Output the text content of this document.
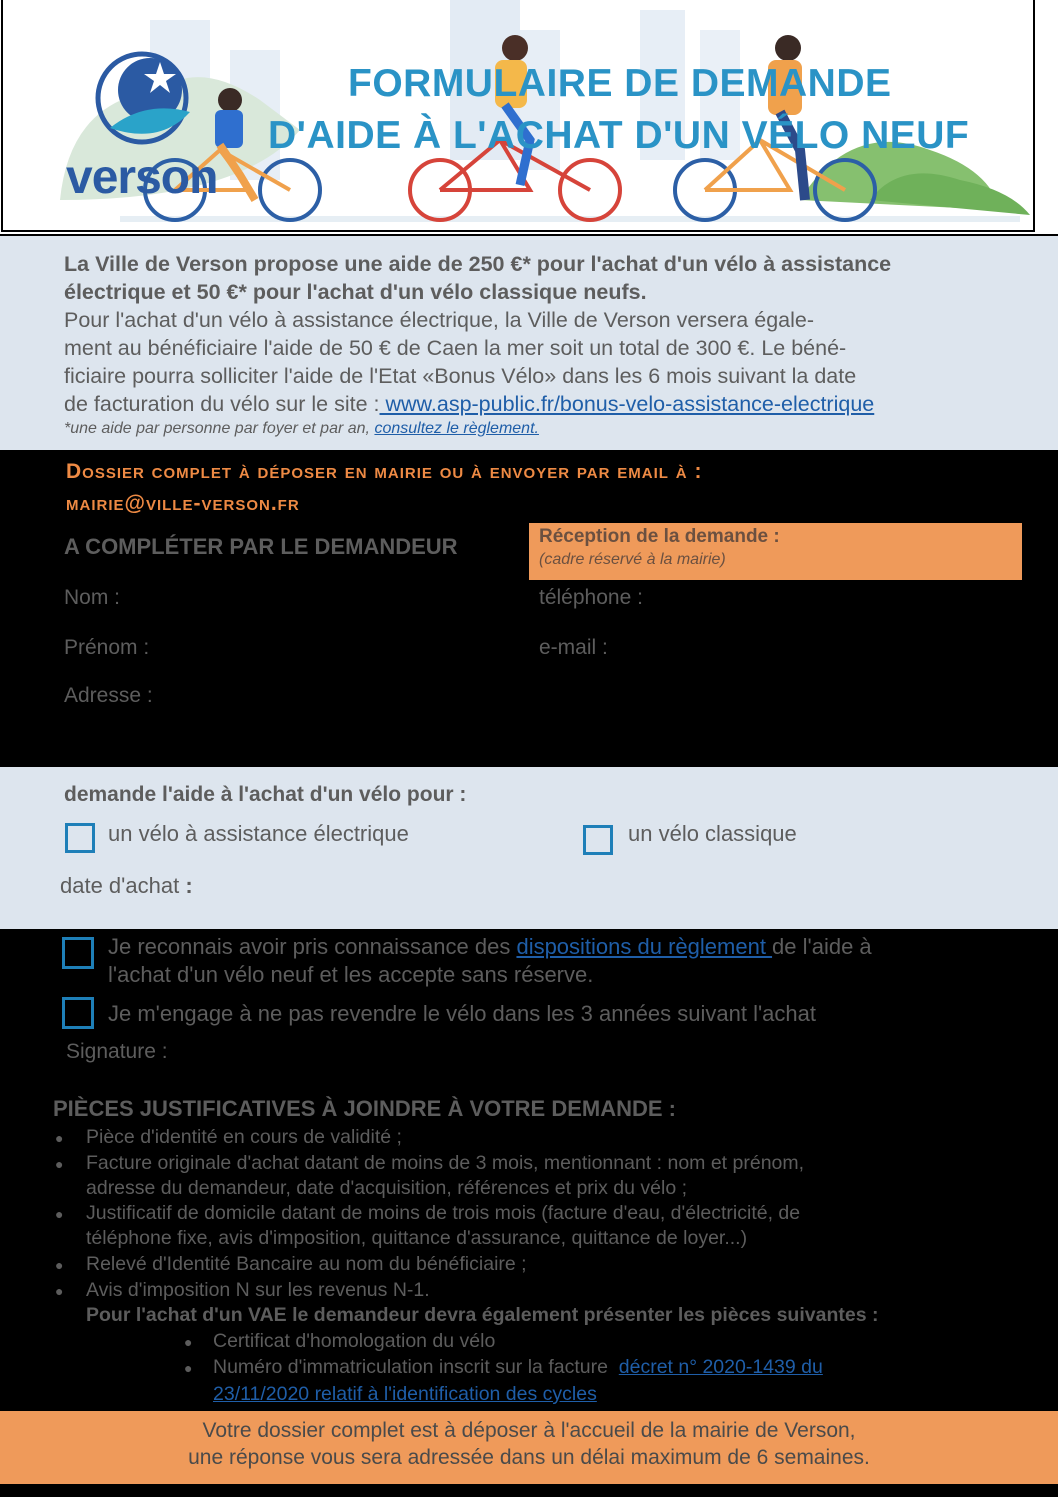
verson
FORMULAIRE DE DEMANDE
D'AIDE À L'ACHAT D'UN VÉLO NEUF

La Ville de Verson propose une aide de 250 €* pour l'achat d'un vélo à assistance

électrique et 50 €* pour l'achat d'un vélo classique neufs.

Pour l'achat d'un vélo à assistance électrique, la Ville de Verson versera égale-

ment au bénéficiaire l'aide de 50 € de Caen la mer soit un total de 300 €. Le béné-

ficiaire pourra solliciter l'aide de l'Etat «Bonus Vélo» dans les 6 mois suivant la date

de facturation du vélo sur le site : www.asp-public.fr/bonus-velo-assistance-electrique

*une aide par personne par foyer et par an, consultez le règlement.

Dossier complet à déposer en mairie ou à envoyer par email à :
mairie@ville-verson.fr
A COMPLÉTER PAR LE DEMANDEUR	Réception de la demande :
(cadre réservé à la mairie)
Nom :
Prénom :
Adresse :
téléphone :
e-mail :
demande l'aide à l'achat d'un vélo pour :
un vélo à assistance électrique	un vélo classique
date d'achat :
Je reconnais avoir pris connaissance des dispositions du règlement de l'aide à
l'achat d'un vélo neuf et les accepte sans réserve.
Je m'engage à ne pas revendre le vélo dans les 3 années suivant l'achat
Signature :
PIÈCES JUSTIFICATIVES À JOINDRE À VOTRE DEMANDE :
● Pièce d'identité en cours de validité ;
● Facture originale d'achat datant de moins de 3 mois, mentionnant : nom et prénom,
adresse du demandeur, date d'acquisition, références et prix du vélo ;
● Justificatif de domicile datant de moins de trois mois (facture d'eau, d'électricité, de
téléphone fixe, avis d'imposition, quittance d'assurance, quittance de loyer...)
● Relevé d'Identité Bancaire au nom du bénéficiaire ;
● Avis d'imposition N sur les revenus N-1.
Pour l'achat d'un VAE le demandeur devra également présenter les pièces suivantes :
● Certificat d'homologation du vélo
● Numéro d'immatriculation inscrit sur la facture décret n° 2020-1439 du
23/11/2020 relatif à l'identification des cycles
Votre dossier complet est à déposer à l'accueil de la mairie de Verson,
une réponse vous sera adressée dans un délai maximum de 6 semaines.
